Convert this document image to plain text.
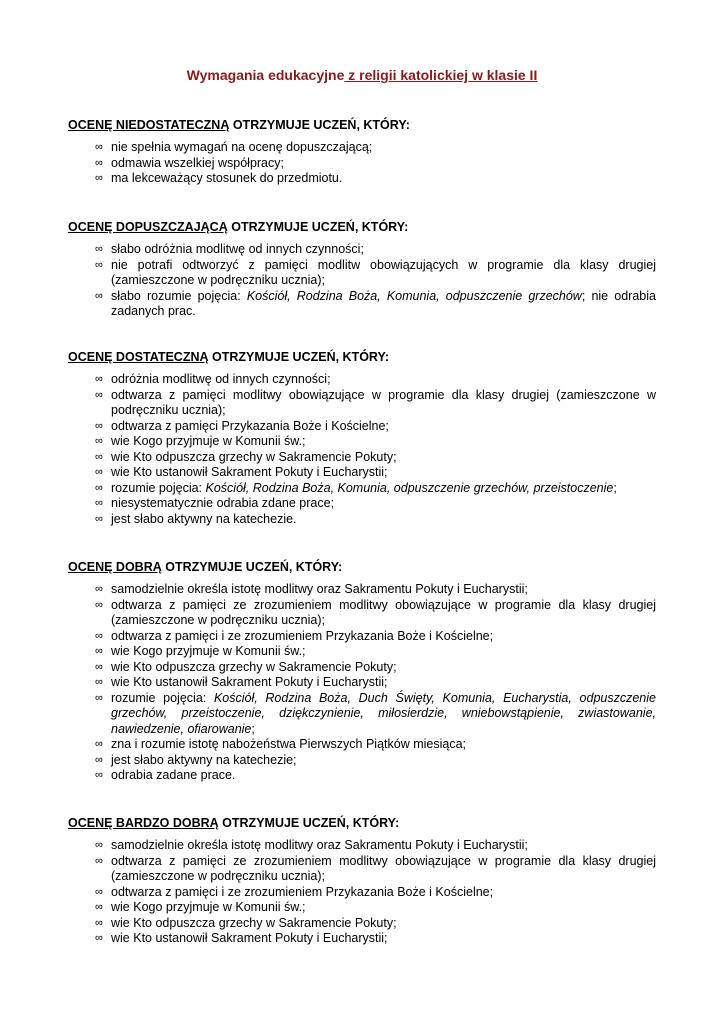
Wymagania edukacyjne z religii katolickiej w klasie II

OCENĘ NIEDOSTATECZNĄ OTRZYMUJE UCZEŃ, KTÓRY:

∞ nie spełnia wymagań na ocenę dopuszczającą;
∞ odmawia wszelkiej współpracy;
∞ ma lekceważący stosunek do przedmiotu.

OCENĘ DOPUSZCZAJĄCĄ OTRZYMUJE UCZEŃ, KTÓRY:

∞ słabo odróżnia modlitwę od innych czynności;
∞ nie potrafi odtworzyć z pamięci modlitw obowiązujących w programie dla klasy drugiej (zamieszczone w podręczniku ucznia);
∞ słabo rozumie pojęcia: Kościół, Rodzina Boża, Komunia, odpuszczenie grzechów; nie odrabia zadanych prac.

OCENĘ DOSTATECZNĄ OTRZYMUJE UCZEŃ, KTÓRY:

∞ odróżnia modlitwę od innych czynności;
∞ odtwarza z pamięci modlitwy obowiązujące w programie dla klasy drugiej (zamieszczone w podręczniku ucznia);
∞ odtwarza z pamięci Przykazania Boże i Kościelne;
∞ wie Kogo przyjmuje w Komunii św.;
∞ wie Kto odpuszcza grzechy w Sakramencie Pokuty;
∞ wie Kto ustanowił Sakrament Pokuty i Eucharystii;
∞ rozumie pojęcia: Kościół, Rodzina Boża, Komunia, odpuszczenie grzechów, przeistoczenie;
∞ niesystematycznie odrabia zdane prace;
∞ jest słabo aktywny na katechezie.

OCENĘ DOBRĄ OTRZYMUJE UCZEŃ, KTÓRY:

∞ samodzielnie określa istotę modlitwy oraz Sakramentu Pokuty i Eucharystii;
∞ odtwarza z pamięci ze zrozumieniem modlitwy obowiązujące w programie dla klasy drugiej (zamieszczone w podręczniku ucznia);
∞ odtwarza z pamięci i ze zrozumieniem Przykazania Boże i Kościelne;
∞ wie Kogo przyjmuje w Komunii św.;
∞ wie Kto odpuszcza grzechy w Sakramencie Pokuty;
∞ wie Kto ustanowił Sakrament Pokuty i Eucharystii;
∞ rozumie pojęcia: Kościół, Rodzina Boża, Duch Święty, Komunia, Eucharystia, odpuszczenie grzechów, przeistoczenie, dziękczynienie, miłosierdzie, wniebowstąpienie, zwiastowanie, nawiedzenie, ofiarowanie;
∞ zna i rozumie istotę nabożeństwa Pierwszych Piątków miesiąca;
∞ jest słabo aktywny na katechezie;
∞ odrabia zadane prace.

OCENĘ BARDZO DOBRĄ OTRZYMUJE UCZEŃ, KTÓRY:

∞ samodzielnie określa istotę modlitwy oraz Sakramentu Pokuty i Eucharystii;
∞ odtwarza z pamięci ze zrozumieniem modlitwy obowiązujące w programie dla klasy drugiej (zamieszczone w podręczniku ucznia);
∞ odtwarza z pamięci i ze zrozumieniem Przykazania Boże i Kościelne;
∞ wie Kogo przyjmuje w Komunii św.;
∞ wie Kto odpuszcza grzechy w Sakramencie Pokuty;
∞ wie Kto ustanowił Sakrament Pokuty i Eucharystii;
